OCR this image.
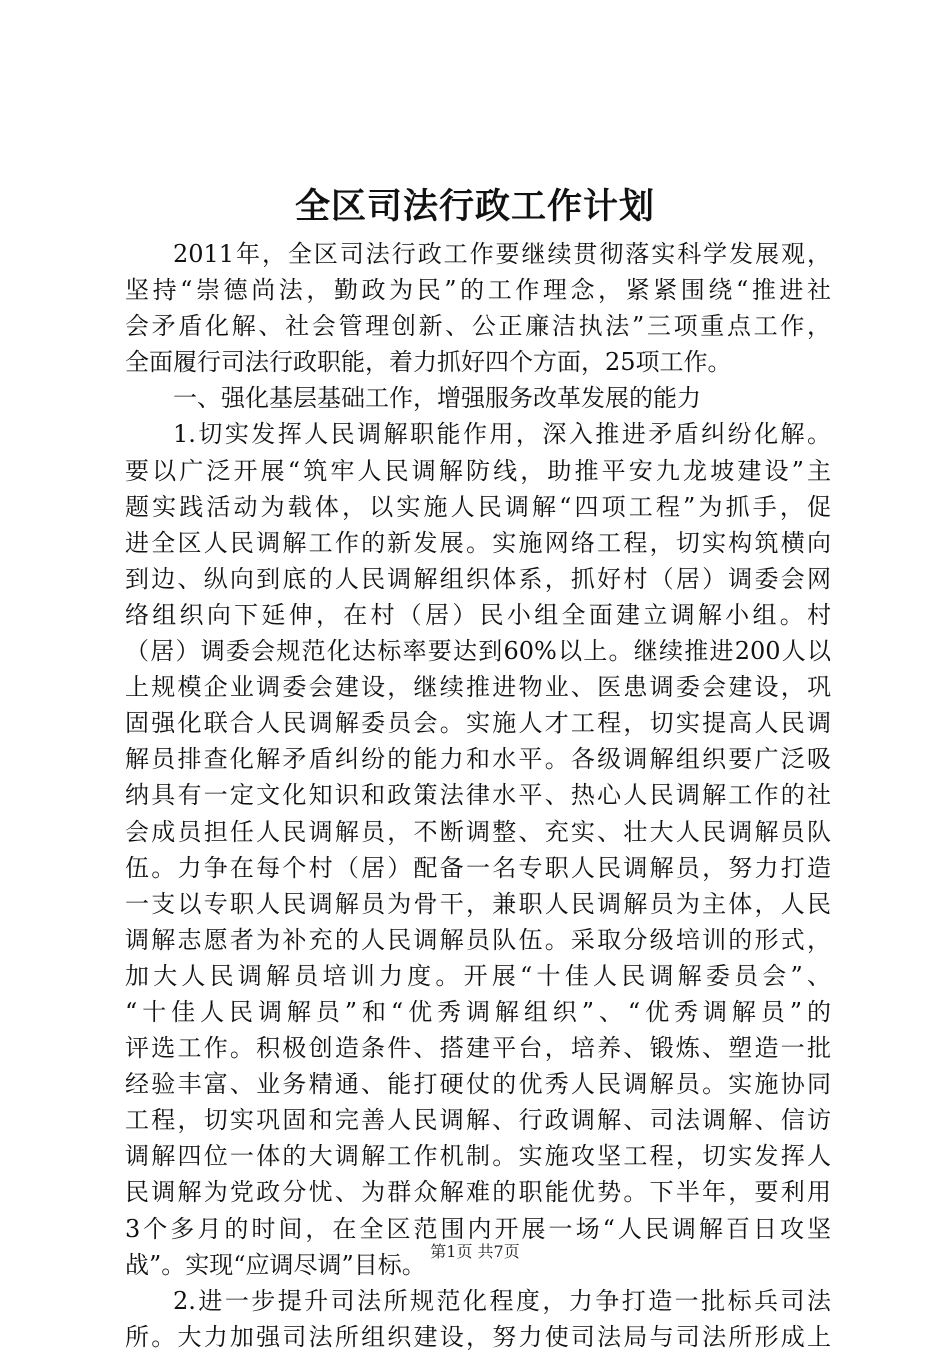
全区司法行政工作计划
2011年，全区司法行政工作要继续贯彻落实科学发展观，
坚持“崇德尚法，勤政为民”的工作理念，紧紧围绕“推进社
会矛盾化解、社会管理创新、公正廉洁执法”三项重点工作，
全面履行司法行政职能，着力抓好四个方面，25项工作。
一、强化基层基础工作，增强服务改革发展的能力
1.切实发挥人民调解职能作用，深入推进矛盾纠纷化解。
要以广泛开展“筑牢人民调解防线，助推平安九龙坡建设”主
题实践活动为载体，以实施人民调解“四项工程”为抓手，促
进全区人民调解工作的新发展。实施网络工程，切实构筑横向
到边、纵向到底的人民调解组织体系，抓好村（居）调委会网
络组织向下延伸，在村（居）民小组全面建立调解小组。村
（居）调委会规范化达标率要达到60%以上。继续推进200人以
上规模企业调委会建设，继续推进物业、医患调委会建设，巩
固强化联合人民调解委员会。实施人才工程，切实提高人民调
解员排查化解矛盾纠纷的能力和水平。各级调解组织要广泛吸
纳具有一定文化知识和政策法律水平、热心人民调解工作的社
会成员担任人民调解员，不断调整、充实、壮大人民调解员队
伍。力争在每个村（居）配备一名专职人民调解员，努力打造
一支以专职人民调解员为骨干，兼职人民调解员为主体，人民
调解志愿者为补充的人民调解员队伍。采取分级培训的形式，
加大人民调解员培训力度。开展“十佳人民调解委员会”、
“十佳人民调解员”和“优秀调解组织”、“优秀调解员”的
评选工作。积极创造条件、搭建平台，培养、锻炼、塑造一批
经验丰富、业务精通、能打硬仗的优秀人民调解员。实施协同
工程，切实巩固和完善人民调解、行政调解、司法调解、信访
调解四位一体的大调解工作机制。实施攻坚工程，切实发挥人
民调解为党政分忧、为群众解难的职能优势。下半年，要利用
3个多月的时间，在全区范围内开展一场“人民调解百日攻坚
战”。实现“应调尽调”目标。
2.进一步提升司法所规范化程度，力争打造一批标兵司法
所。大力加强司法所组织建设，努力使司法局与司法所形成上
第1页 共7页
